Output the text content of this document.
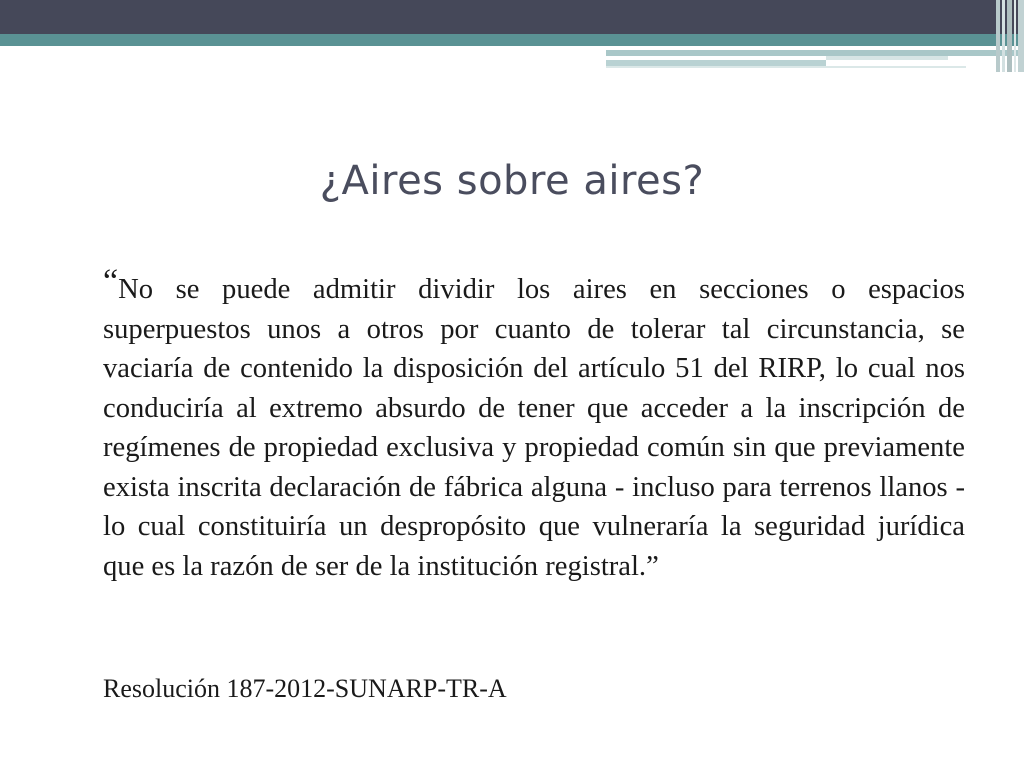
¿Aires sobre aires?

“No se puede admitir dividir los aires en secciones o espacios superpuestos unos a otros por cuanto de tolerar tal circunstancia, se vaciaría de contenido la disposición del artículo 51 del RIRP, lo cual nos conduciría al extremo absurdo de tener que acceder a la inscripción de regímenes de propiedad exclusiva y propiedad común sin que previamente exista inscrita declaración de fábrica alguna - incluso para terrenos llanos - lo cual constituiría un despropósito que vulneraría la seguridad jurídica que es la razón de ser de la institución registral.”

Resolución 187-2012-SUNARP-TR-A
